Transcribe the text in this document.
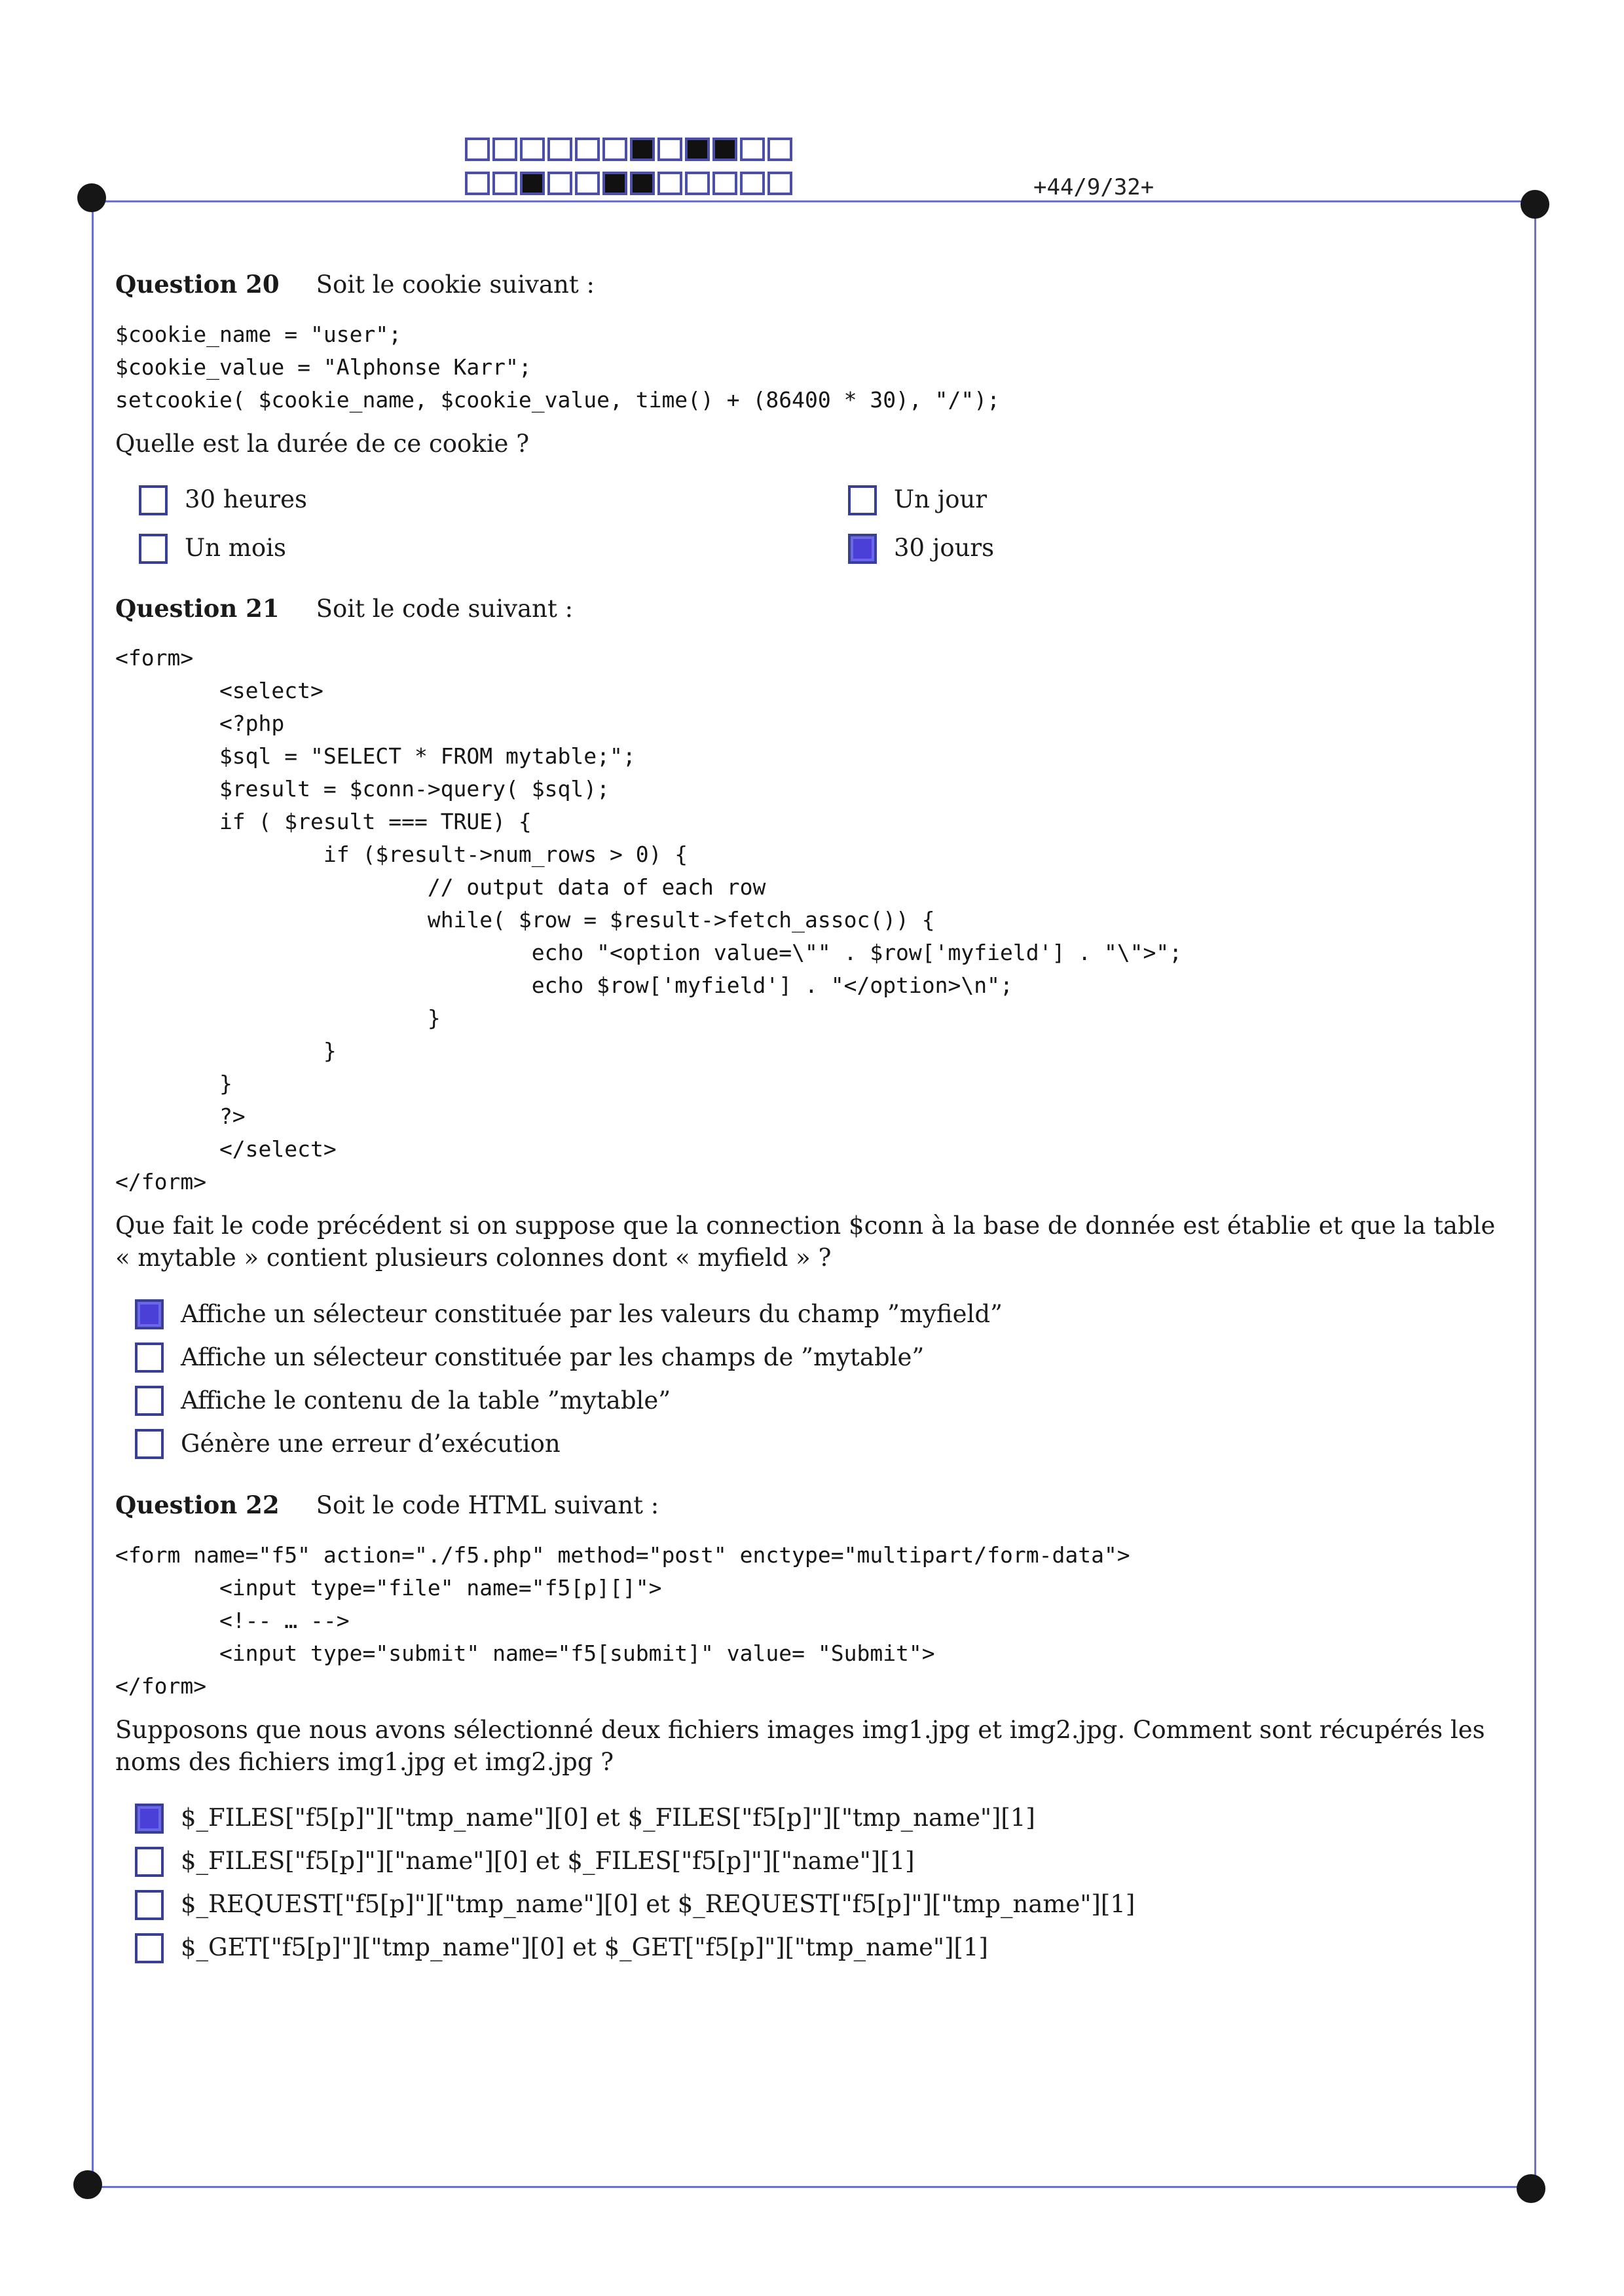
+44/9/32+

Question 20 Soit le cookie suivant :

$cookie_name = "user";
$cookie_value = "Alphonse Karr";
setcookie( $cookie_name, $cookie_value, time() + (86400 * 30), "/");

Quelle est la durée de ce cookie ?

30 heures	Un jour
Un mois	30 jours

Question 21 Soit le code suivant :

<form>
<select>
<?php
$sql = "SELECT * FROM mytable;";
$result = $conn->query( $sql);
if ( $result === TRUE) {
if ($result->num_rows > 0) {
// output data of each row
while( $row = $result->fetch_assoc()) {
echo "<option value=\"" . $row['myfield'] . "\">";
echo $row['myfield'] . "</option>\n";
}
}
}
?>
</select>
</form>

Que fait le code précédent si on suppose que la connection $conn à la base de donnée est établie et que la table « mytable » contient plusieurs colonnes dont « myfield » ?

Affiche un sélecteur constituée par les valeurs du champ ”myfield”
Affiche un sélecteur constituée par les champs de ”mytable”
Affiche le contenu de la table ”mytable”
Génère une erreur d’exécution

Question 22 Soit le code HTML suivant :

<form name="f5" action="./f5.php" method="post" enctype="multipart/form-data">
<input type="file" name="f5[p][]">
<!-- … -->
<input type="submit" name="f5[submit]" value= "Submit">
</form>

Supposons que nous avons sélectionné deux fichiers images img1.jpg et img2.jpg. Comment sont récupérés les noms des fichiers img1.jpg et img2.jpg ?

$_FILES["f5[p]"]["tmp_name"][0] et $_FILES["f5[p]"]["tmp_name"][1]
$_FILES["f5[p]"]["name"][0] et $_FILES["f5[p]"]["name"][1]
$_REQUEST["f5[p]"]["tmp_name"][0] et $_REQUEST["f5[p]"]["tmp_name"][1]
$_GET["f5[p]"]["tmp_name"][0] et $_GET["f5[p]"]["tmp_name"][1]
